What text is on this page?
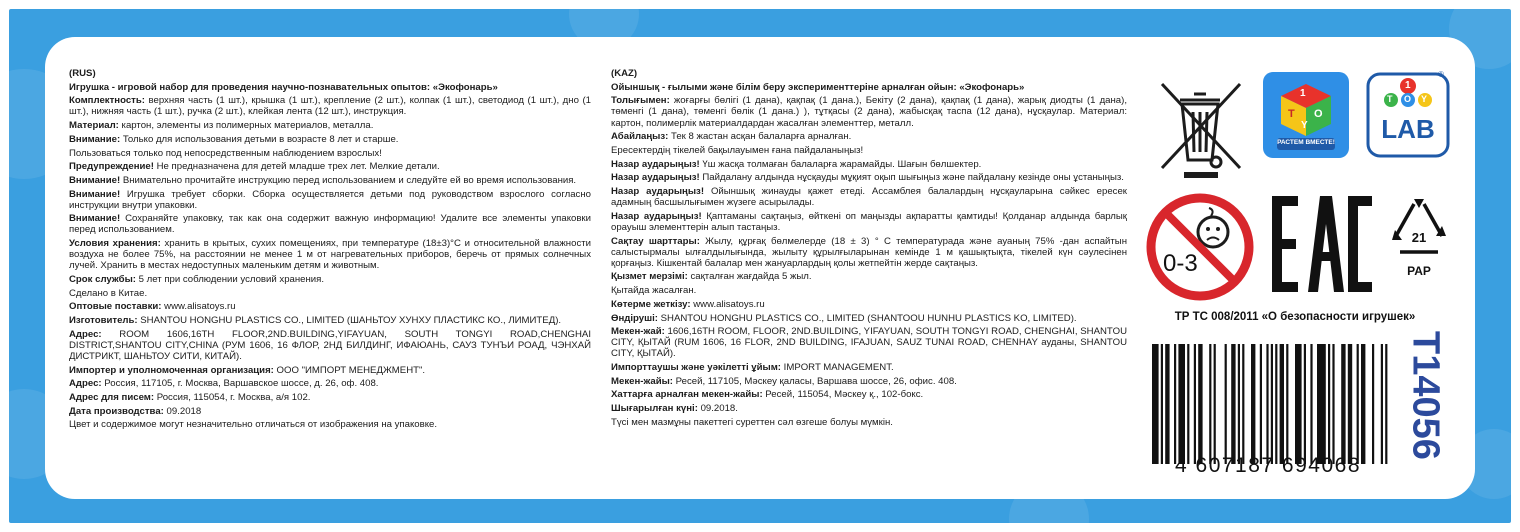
(RUS)

Игрушка - игровой набор для проведения научно-познавательных опытов: «Экофонарь»

Комплектность: верхняя часть (1 шт.), крышка (1 шт.), крепление (2 шт.), колпак (1 шт.), светодиод (1 шт.), дно (1 шт.), нижняя часть (1 шт.), ручка (2 шт.), клейкая лента (12 шт.), инструкция.

Материал: картон, элементы из полимерных материалов, металла.

Внимание: Только для использования детьми в возрасте 8 лет и старше.

Пользоваться только под непосредственным наблюдением взрослых!

Предупреждение! Не предназначена для детей младше трех лет. Мелкие детали.

Внимание! Внимательно прочитайте инструкцию перед использованием и следуйте ей во время использования.

Внимание! Игрушка требует сборки. Сборка осуществляется детьми под руководством взрослого согласно инструкции внутри упаковки.

Внимание! Сохраняйте упаковку, так как она содержит важную информацию! Удалите все элементы упаковки перед использованием.

Условия хранения: хранить в крытых, сухих помещениях, при температуре (18±3)°С и относительной влажности воздуха не более 75%, на расстоянии не менее 1 м от нагревательных приборов, беречь от прямых солнечных лучей. Хранить в местах недоступных маленьким детям и животным.

Срок службы: 5 лет при соблюдении условий хранения.

Сделано в Китае.

Оптовые поставки: www.alisatoys.ru

Изготовитель: SHANTOU HONGHU PLASTICS CO., LIMITED (ШАНЬТОУ ХУНХУ ПЛАСТИКС КО., ЛИМИТЕД).

Адрес: ROOM 1606,16TH FLOOR,2ND.BUILDING,YIFAYUAN, SOUTH TONGYI ROAD,CHENGHAI DISTRICT,SHANTOU CITY,CHINA (РУМ 1606, 16 ФЛОР, 2НД БИЛДИНГ, ИФАЮАНЬ, САУЗ ТУНЪИ РОАД, ЧЭНХАЙ ДИСТРИКТ, ШАНЬТОУ СИТИ, КИТАЙ).

Импортер и уполномоченная организация: ООО "ИМПОРТ МЕНЕДЖМЕНТ".

Адрес: Россия, 117105, г. Москва, Варшавское шоссе, д. 26, оф. 408.

Адрес для писем: Россия, 115054, г. Москва, а/я 102.

Дата производства: 09.2018

Цвет и содержимое могут незначительно отличаться от изображения на упаковке.

(KAZ)

Ойыншық - ғылыми және білім беру эксперименттеріне арналған ойын: «Экофонарь»

Толығымен: жоғарғы бөлігі (1 дана), қақпақ (1 дана.), Бекіту (2 дана), қақпақ (1 дана), жарық диодты (1 дана), төменгі (1 дана), төменгі бөлік (1 дана.) ), тұтқасы (2 дана), жабысқақ таспа (12 дана), нұсқаулар. Материал: картон, полимерлік материалдардан жасалған элементтер, металл.

Абайлаңыз: Тек 8 жастан асқан балаларға арналған.

Ересектердің тікелей бақылауымен ғана пайдаланыңыз!

Назар аударыңыз! Үш жасқа толмаған балаларға жарамайды. Шағын бөлшектер.

Назар аударыңыз! Пайдалану алдында нұсқауды мұқият оқып шығыңыз және пайдалану кезінде оны ұстаныңыз.

Назар аударыңыз! Ойыншық жинауды қажет етеді. Ассамблея балалардың нұсқауларына сәйкес ересек адамның басшылығымен жүзеге асырылады.

Назар аударыңыз! Қаптаманы сақтаңыз, өйткені оп маңызды ақпаратты қамтиды! Қолданар алдында барлық орауыш элементтерін алып тастаңыз.

Сақтау шарттары: Жылу, құрғақ бөлмелерде (18 ± 3) ° С температурада және ауаның 75% -дан аспайтын салыстырмалы ылғалдылығында, жылыту құрылғыларынан кемінде 1 м қашықтықта, тікелей күн сәулесінен қорғаңыз. Кішкентай балалар мен жануарлардың қолы жетпейтін жерде сақтаңыз.

Қызмет мерзімі: сақталған жағдайда 5 жыл.

Қытайда жасалған.

Көтерме жеткізу: www.alisatoys.ru

Өндіруші: SHANTOU HONGHU PLASTICS CO., LIMITED (SHANTOOU HUNHU PLASTICS KO, LIMITED).

Мекен-жай: 1606,16TH ROOM, FLOOR, 2ND.BUILDING, YIFAYUAN, SOUTH TONGYI ROAD, CHENGHAI, SHANTOU CITY, ҚЫТАЙ (RUM 1606, 16 FLOR, 2ND BUILDING, IFAJUAN, SAUZ TUNAI ROAD, CHENHAY ауданы, SHANTOU CITY, ҚЫТАЙ).

Импорттаушы және уәкілетті ұйым: IMPORT MANAGEMENT.

Мекен-жайы: Ресей, 117105, Мәскеу қаласы, Варшава шоссе, 26, офис. 408.

Хаттарға арналған мекен-жайы: Ресей, 115054, Мәскеу қ., 102-бокс.

Шығарылған күні: 09.2018.

Түсі мен мазмұны пакеттегі суреттен сәл өзгеше болуы мүмкін.

1
T O
Y
РАСТЕМ ВМЕСТЕ!
1
T O Y
LAB
®
0-3
21
PAP
ТР ТС 008/2011 «О безопасности игрушек»
4 607187 694068
T14056
